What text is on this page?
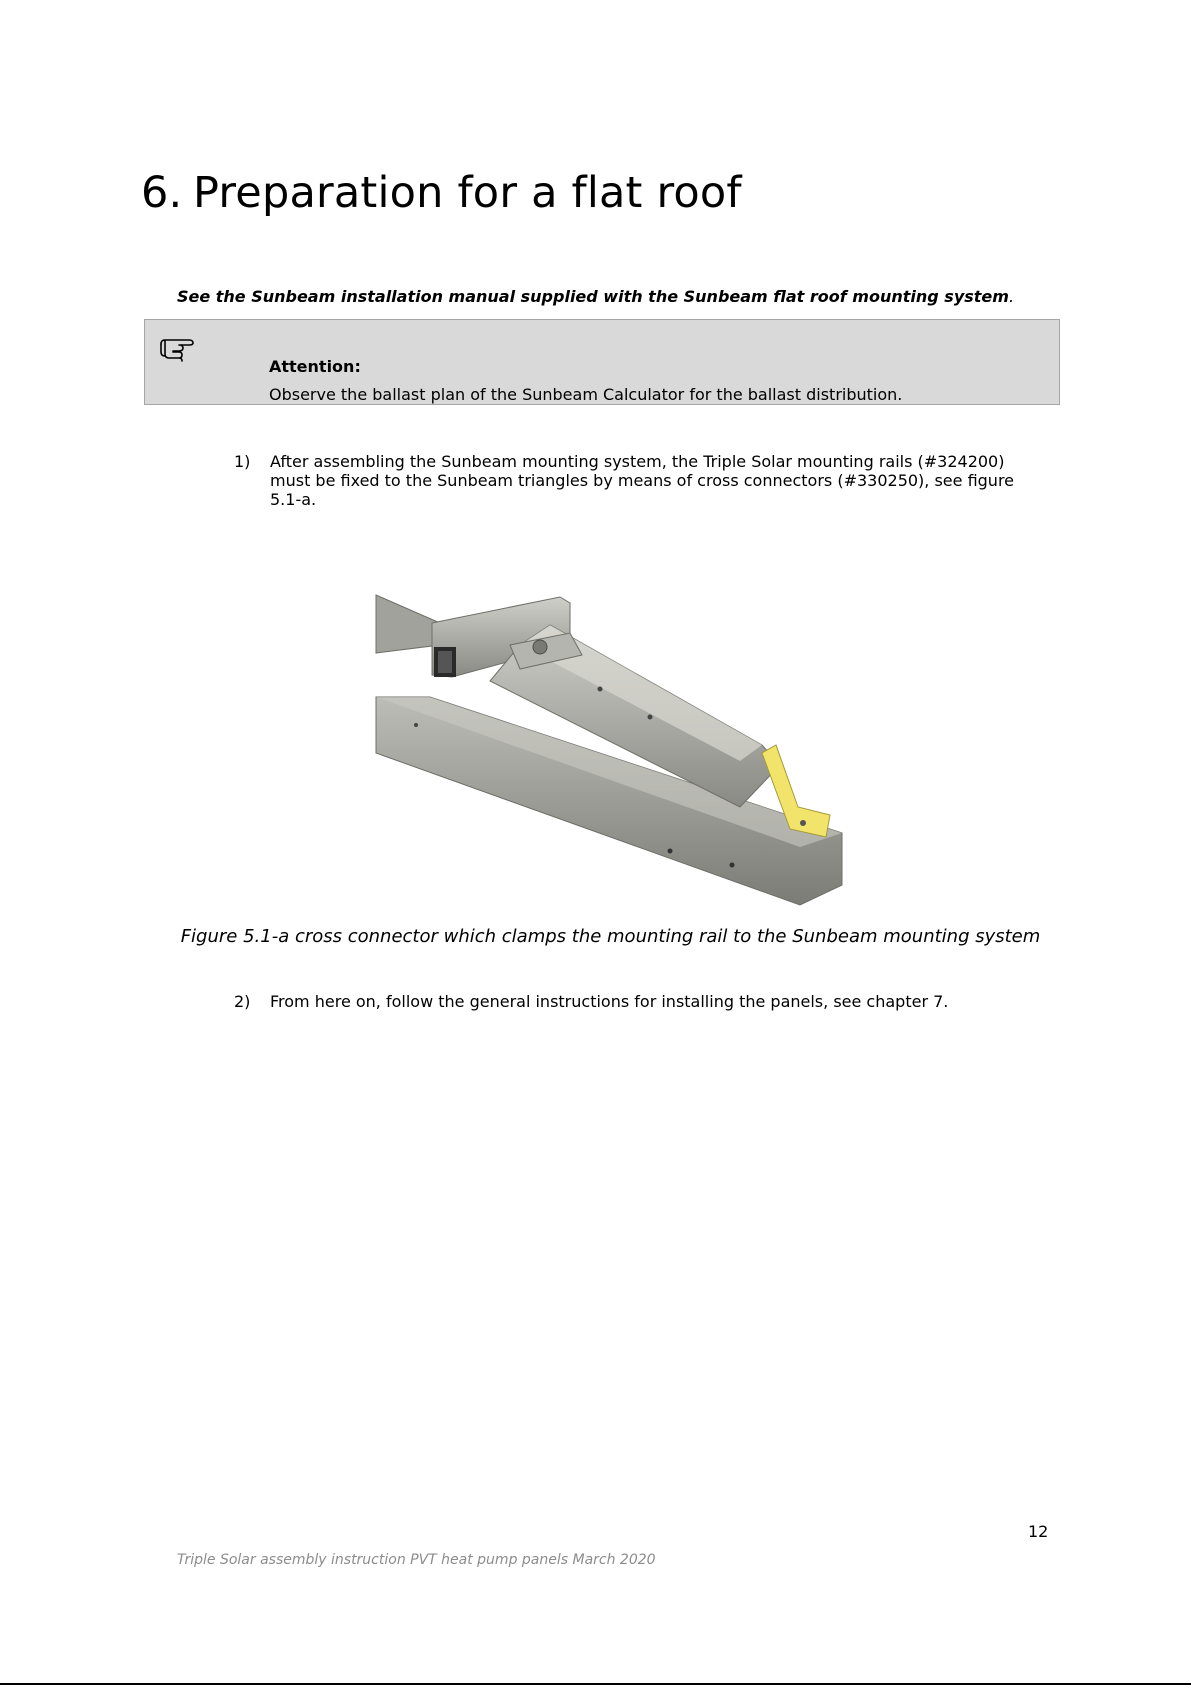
6. Preparation for a flat roof
See the Sunbeam installation manual supplied with the Sunbeam flat roof mounting system.
Attention:
Observe the ballast plan of the Sunbeam Calculator for the ballast distribution.
1) After assembling the Sunbeam mounting system, the Triple Solar mounting rails (#324200) must be fixed to the Sunbeam triangles by means of cross connectors (#330250), see figure 5.1-a.
Figure 5.1-a cross connector which clamps the mounting rail to the Sunbeam mounting system
2) From here on, follow the general instructions for installing the panels, see chapter 7.
12
Triple Solar assembly instruction PVT heat pump panels March 2020
